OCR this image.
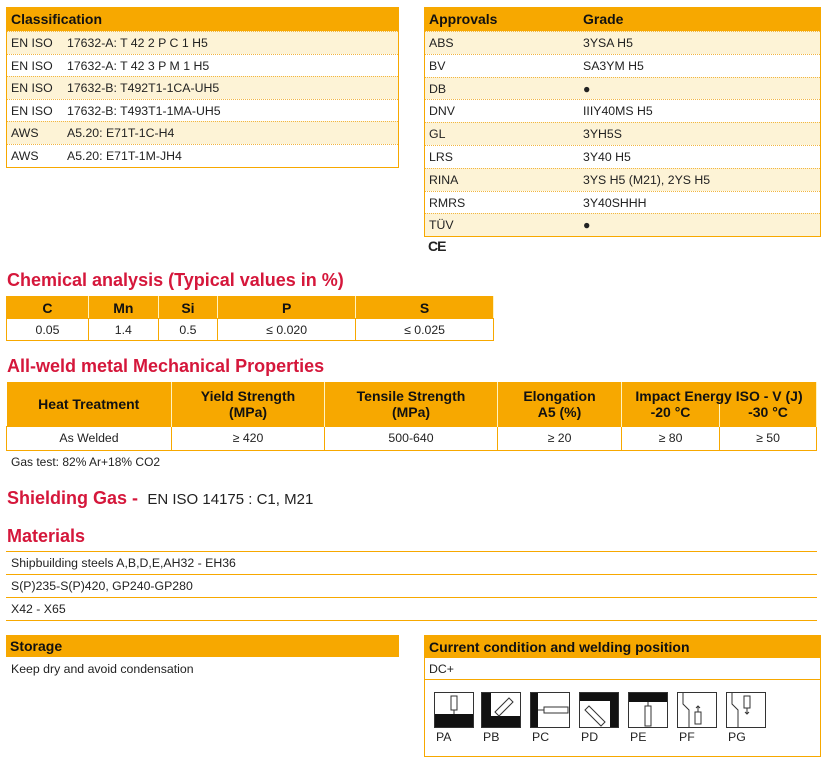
Classification
EN ISO	17632-A: T 42 2 P C 1 H5
EN ISO	17632-A: T 42 3 P M 1 H5
EN ISO	17632-B: T492T1-1CA-UH5
EN ISO	17632-B: T493T1-1MA-UH5
AWS	A5.20: E71T-1C-H4
AWS	A5.20: E71T-1M-JH4
Approvals	Grade
ABS	3YSA H5
BV	SA3YM H5
DB	●
DNV	IIIY40MS H5
GL	3YH5S
LRS	3Y40 H5
RINA	3YS H5 (M21), 2YS H5
RMRS	3Y40SHHH
TÜV	●
CE
Chemical analysis (Typical values in %)
C	Mn	Si	P	S
0.05	1.4	0.5	≤ 0.020	≤ 0.025
All-weld metal Mechanical Properties
Heat Treatment	Yield Strength	Tensile Strength	Elongation	Impact Energy ISO - V (J)	
	(MPa)	(MPa)	A5 (%)	-20 °C	-30 °C
As Welded	≥ 420	500-640	≥ 20	≥ 80	≥ 50
Gas test: 82% Ar+18% CO2
Shielding Gas - EN ISO 14175 : C1, M21
Materials
Shipbuilding steels A,B,D,E,AH32 - EH36
S(P)235-S(P)420, GP240-GP280
X42 - X65
Storage
Keep dry and avoid condensation
Current condition and welding position
DC+
PA	PB	PC	PD	PE	PF	PG
